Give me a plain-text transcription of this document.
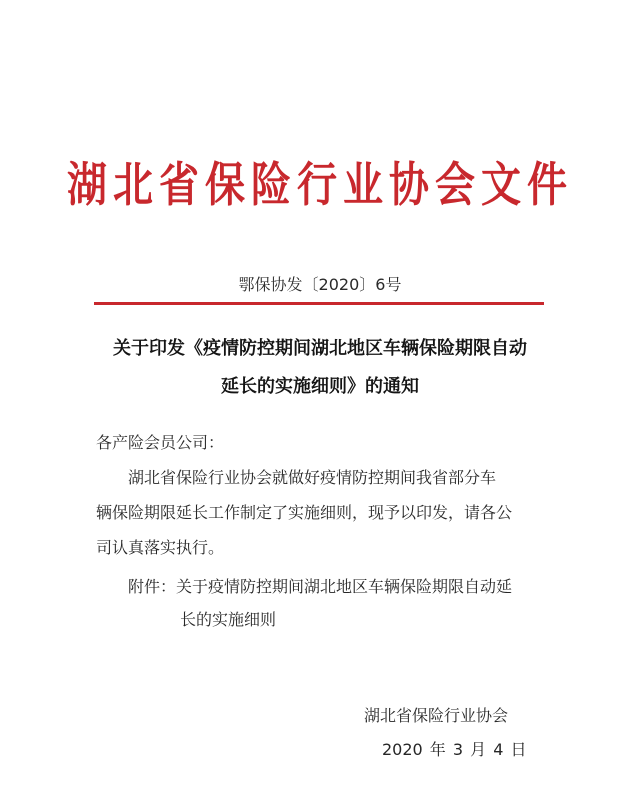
湖北省保险行业协会文件
鄂保协发〔2020〕6号
关于印发《疫情防控期间湖北地区车辆保险期限自动
延长的实施细则》的通知
各产险会员公司：
湖北省保险行业协会就做好疫情防控期间我省部分车
辆保险期限延长工作制定了实施细则，现予以印发，请各公
司认真落实执行。
附件：关于疫情防控期间湖北地区车辆保险期限自动延
长的实施细则
湖北省保险行业协会
2020 年 3 月 4 日
